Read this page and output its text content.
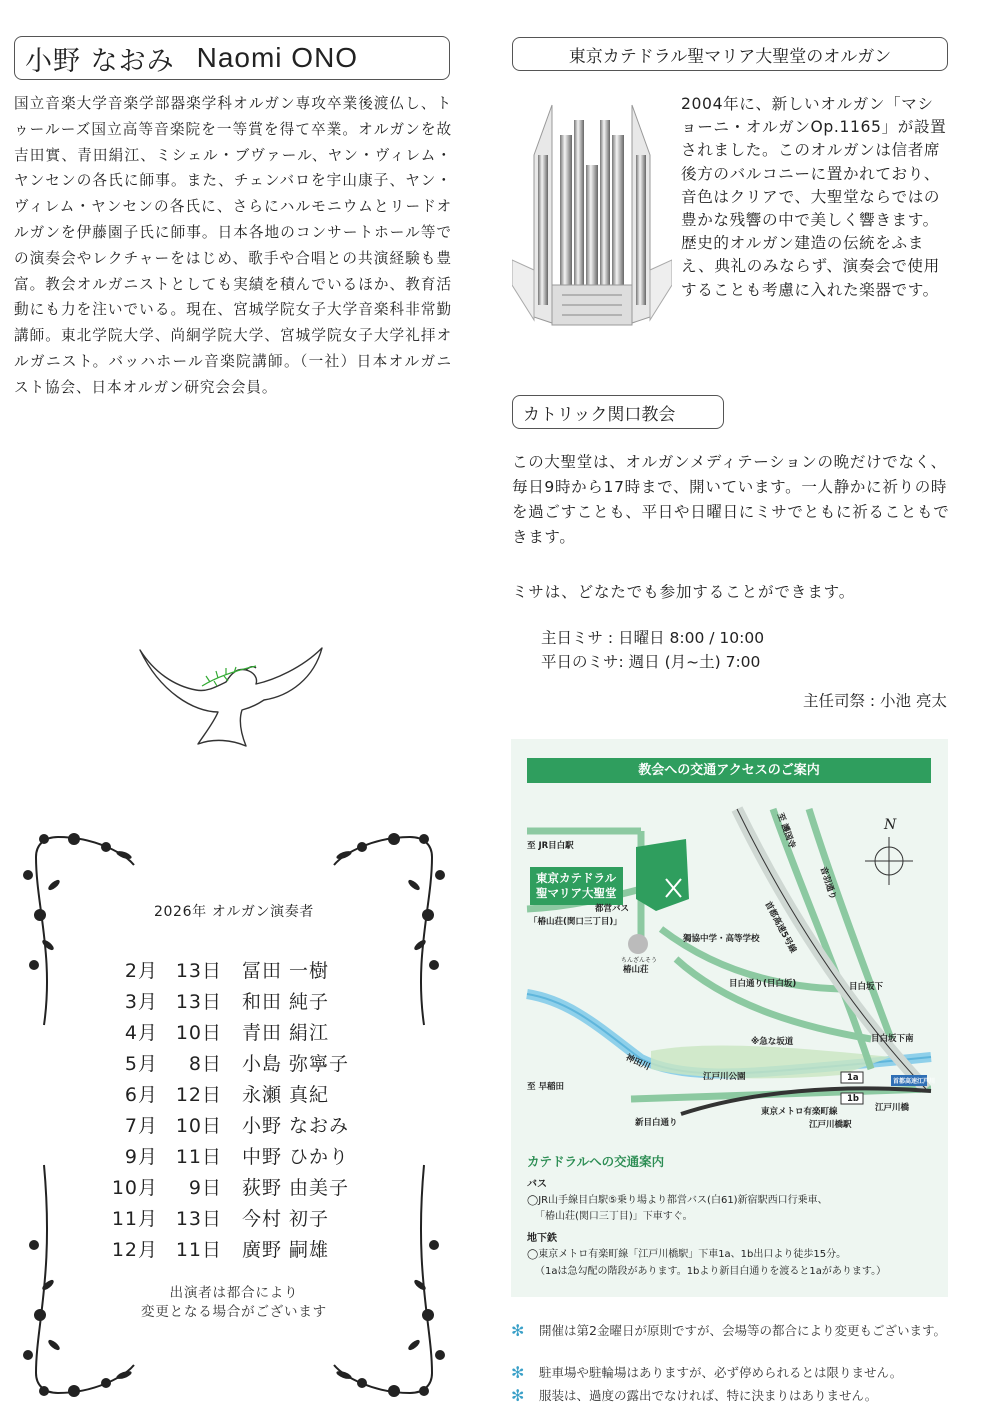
小野 なおみ Naomi ONO
国立音楽大学音楽学部器楽学科オルガン専攻卒業後渡仏し、トゥールーズ国立高等音楽院を一等賞を得て卒業。オルガンを故吉田實、青田絹江、ミシェル・ブヴァール、ヤン・ヴィレム・ヤンセンの各氏に師事。また、チェンバロを宇山康子、ヤン・ヴィレム・ヤンセンの各氏に、さらにハルモニウムとリードオルガンを伊藤園子氏に師事。日本各地のコンサートホール等での演奏会やレクチャーをはじめ、歌手や合唱との共演経験も豊富。教会オルガニストとしても実績を積んでいるほか、教育活動にも力を注いでいる。現在、宮城学院女子大学音楽科非常勤講師。東北学院大学、尚絅学院大学、宮城学院女子大学礼拝オルガニスト。バッハホール音楽院講師。（一社）日本オルガニスト協会、日本オルガン研究会会員。
2026年 オルガン演奏者
2月 13日 冨田 一樹
3月 13日 和田 純子
4月 10日 青田 絹江
5月 8日 小島 弥寧子
6月 12日 永瀬 真紀
7月 10日 小野 なおみ
9月 11日 中野 ひかり
10月 9日 荻野 由美子
11月 13日 今村 初子
12月 11日 廣野 嗣雄
出演者は都合により
変更となる場合がございます
東京カテドラル聖マリア大聖堂のオルガン
2004年に、新しいオルガン「マショーニ・オルガンOp.1165」が設置されました。このオルガンは信者席後方のバルコニーに置かれており、音色はクリアで、大聖堂ならではの豊かな残響の中で美しく響きます。歴史的オルガン建造の伝統をふまえ、典礼のみならず、演奏会で使用することも考慮に入れた楽器です。
カトリック関口教会
この大聖堂は、オルガンメディテーションの晩だけでなく、毎日9時から17時まで、開いています。一人静かに祈りの時を過ごすことも、平日や日曜日にミサでともに祈ることもできます。
ミサは、どなたでも参加することができます。
主日ミサ : 日曜日 8:00 / 10:00
平日のミサ: 週日 (月~土) 7:00
主任司祭 : 小池 亮太
教会への交通アクセスのご案内
東京カテドラル
聖マリア大聖堂
至 JR目白駅	至 護国寺
音羽通り
首都高速5号線
都営バス
「椿山荘(関口三丁目)」
獨協中学・高等学校
ちんざんそう
椿山荘
目白通り(目白坂)	目白坂下
※急な坂道	目白坂下南
神田川
江戸川公園
至 早稲田
新目白通り
1a
1b
首都高速江戸川
東京メトロ有楽町線
江戸川橋駅
江戸川橋
N
カテドラルへの交通案内
バス
◯JR山手線目白駅⑤乗り場より都営バス(白61)新宿駅西口行乗車、
「椿山荘(関口三丁目)」下車すぐ。
地下鉄
◯東京メトロ有楽町線「江戸川橋駅」下車1a、1b出口より徒歩15分。
（1aは急勾配の階段があります。1bより新目白通りを渡ると1aがあります。）
✻ 開催は第2金曜日が原則ですが、会場等の都合により変更もございます。
✻ 駐車場や駐輪場はありますが、必ず停められるとは限りません。
✻ 服装は、過度の露出でなければ、特に決まりはありません。
